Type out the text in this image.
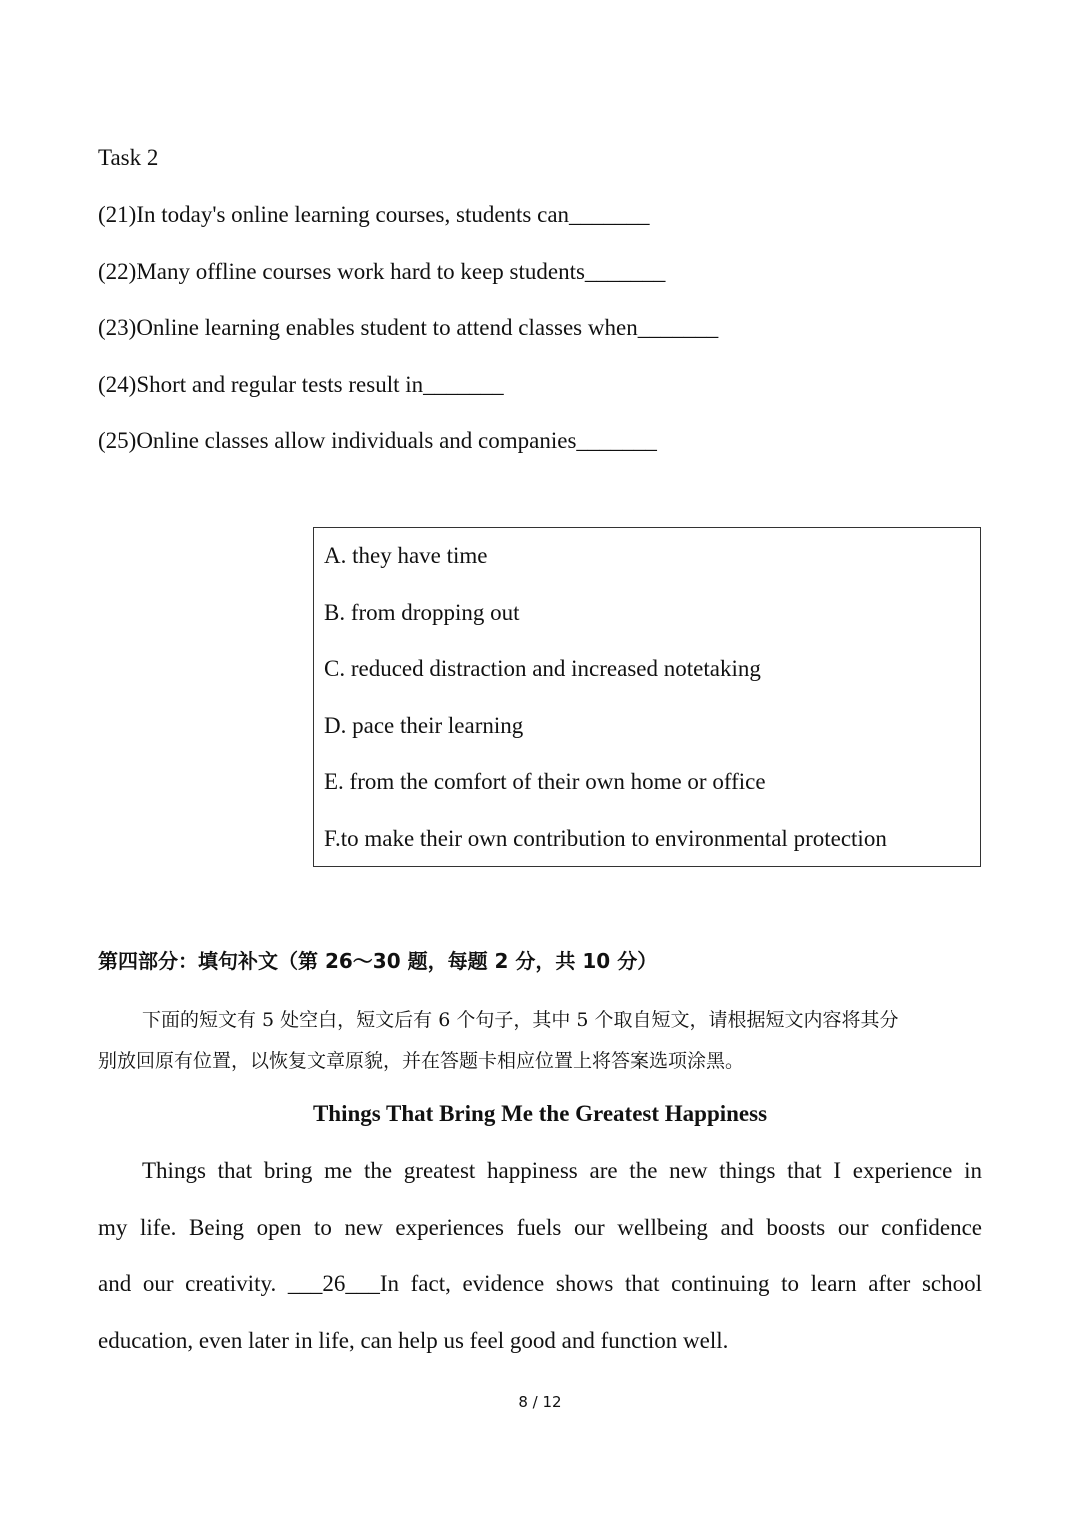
Task 2
(21)In today's online learning courses, students can_______
(22)Many offline courses work hard to keep students_______
(23)Online learning enables student to attend classes when_______
(24)Short and regular tests result in_______
(25)Online classes allow individuals and companies_______
A. they have time
B. from dropping out
C. reduced distraction and increased notetaking
D. pace their learning
E. from the comfort of their own home or office
F.to make their own contribution to environmental protection
第四部分：填句补文（第 26～30 题，每题 2 分，共 10 分）
下面的短文有 5 处空白，短文后有 6 个句子，其中 5 个取自短文，请根据短文内容将其分
别放回原有位置，以恢复文章原貌，并在答题卡相应位置上将答案选项涂黑。
Things That Bring Me the Greatest Happiness
Things that bring me the greatest happiness are the new things that I experience in
my life. Being open to new experiences fuels our wellbeing and boosts our confidence
and our creativity. ___26___In fact, evidence shows that continuing to learn after school
education, even later in life, can help us feel good and function well.
8 / 12
